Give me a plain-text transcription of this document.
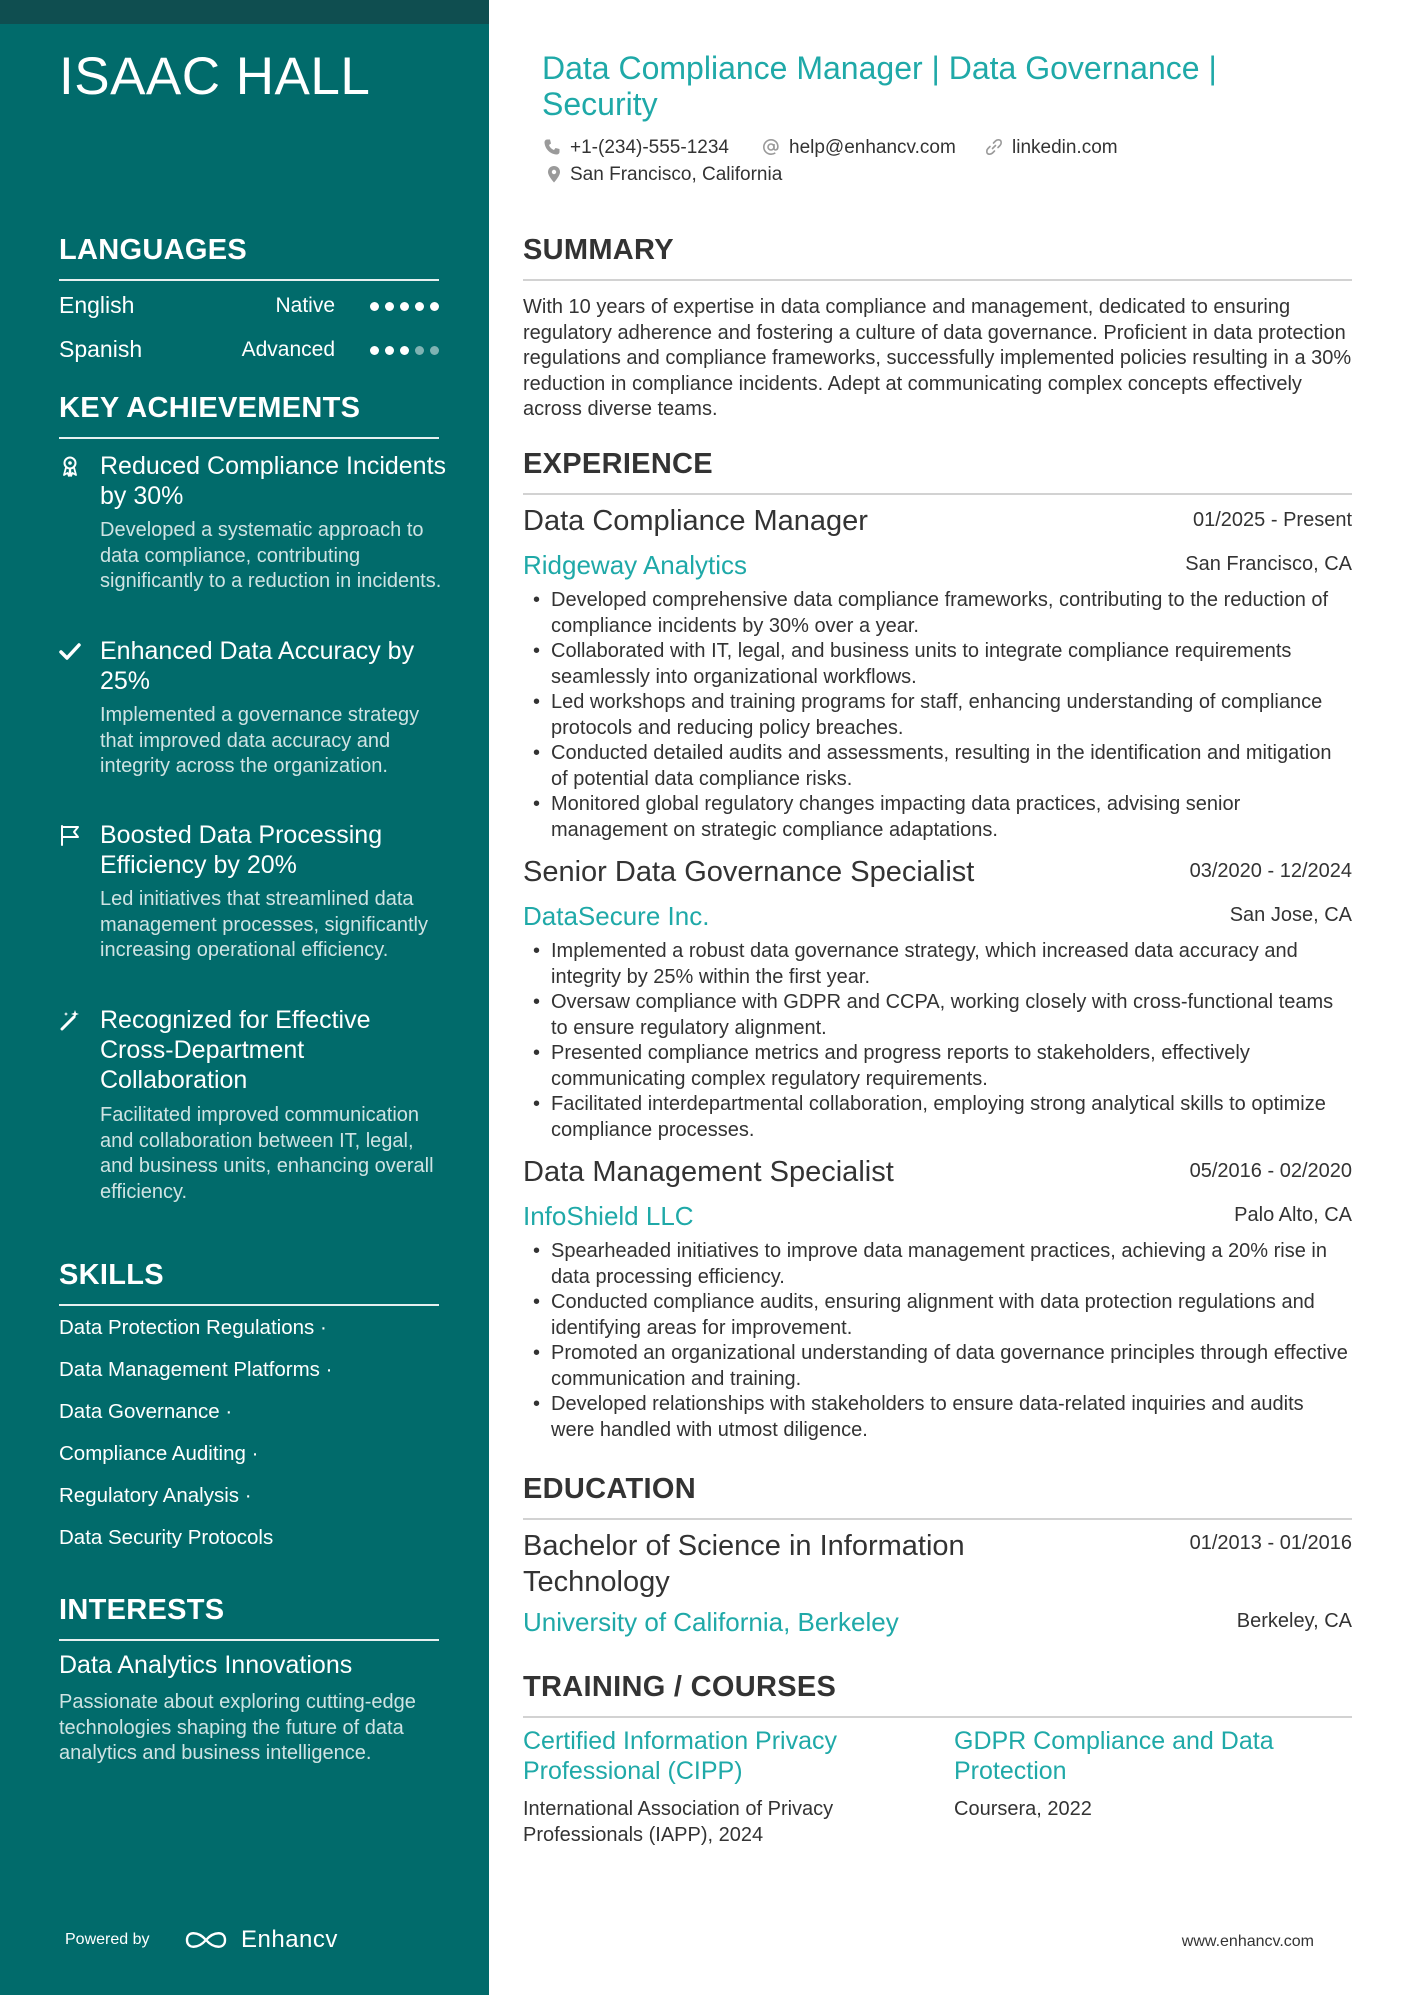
ISAAC HALL
LANGUAGES
English	Native
Spanish	Advanced
KEY ACHIEVEMENTS
Reduced Compliance Incidents by 30%
Developed a systematic approach to data compliance, contributing significantly to a reduction in incidents.
Enhanced Data Accuracy by 25%
Implemented a governance strategy that improved data accuracy and integrity across the organization.
Boosted Data Processing Efficiency by 20%
Led initiatives that streamlined data management processes, significantly increasing operational efficiency.
Recognized for Effective Cross-Department Collaboration
Facilitated improved communication and collaboration between IT, legal, and business units, enhancing overall efficiency.
SKILLS
Data Protection Regulations ·
Data Management Platforms ·
Data Governance ·
Compliance Auditing ·
Regulatory Analysis ·
Data Security Protocols
INTERESTS
Data Analytics Innovations
Passionate about exploring cutting-edge technologies shaping the future of data analytics and business intelligence.
Powered by	Enhancv
Data Compliance Manager | Data Governance | Security
+1-(234)-555-1234	help@enhancv.com	linkedin.com
San Francisco, California
SUMMARY

With 10 years of expertise in data compliance and management, dedicated to ensuring regulatory adherence and fostering a culture of data governance. Proficient in data protection regulations and compliance frameworks, successfully implemented policies resulting in a 30% reduction in compliance incidents. Adept at communicating complex concepts effectively across diverse teams.

EXPERIENCE
Data Compliance Manager	01/2025 - Present
Ridgeway Analytics	San Francisco, CA
• Developed comprehensive data compliance frameworks, contributing to the reduction of compliance incidents by 30% over a year.
• Collaborated with IT, legal, and business units to integrate compliance requirements seamlessly into organizational workflows.
• Led workshops and training programs for staff, enhancing understanding of compliance protocols and reducing policy breaches.
• Conducted detailed audits and assessments, resulting in the identification and mitigation of potential data compliance risks.
• Monitored global regulatory changes impacting data practices, advising senior management on strategic compliance adaptations.
Senior Data Governance Specialist	03/2020 - 12/2024
DataSecure Inc.	San Jose, CA
• Implemented a robust data governance strategy, which increased data accuracy and integrity by 25% within the first year.
• Oversaw compliance with GDPR and CCPA, working closely with cross-functional teams to ensure regulatory alignment.
• Presented compliance metrics and progress reports to stakeholders, effectively communicating complex regulatory requirements.
• Facilitated interdepartmental collaboration, employing strong analytical skills to optimize compliance processes.
Data Management Specialist	05/2016 - 02/2020
InfoShield LLC	Palo Alto, CA
• Spearheaded initiatives to improve data management practices, achieving a 20% rise in data processing efficiency.
• Conducted compliance audits, ensuring alignment with data protection regulations and identifying areas for improvement.
• Promoted an organizational understanding of data governance principles through effective communication and training.
• Developed relationships with stakeholders to ensure data-related inquiries and audits were handled with utmost diligence.
EDUCATION
Bachelor of Science in Information Technology
01/2013 - 01/2016
University of California, Berkeley	Berkeley, CA
TRAINING / COURSES
Certified Information Privacy Professional (CIPP)
International Association of Privacy Professionals (IAPP), 2024
GDPR Compliance and Data Protection
Coursera, 2022
www.enhancv.com
